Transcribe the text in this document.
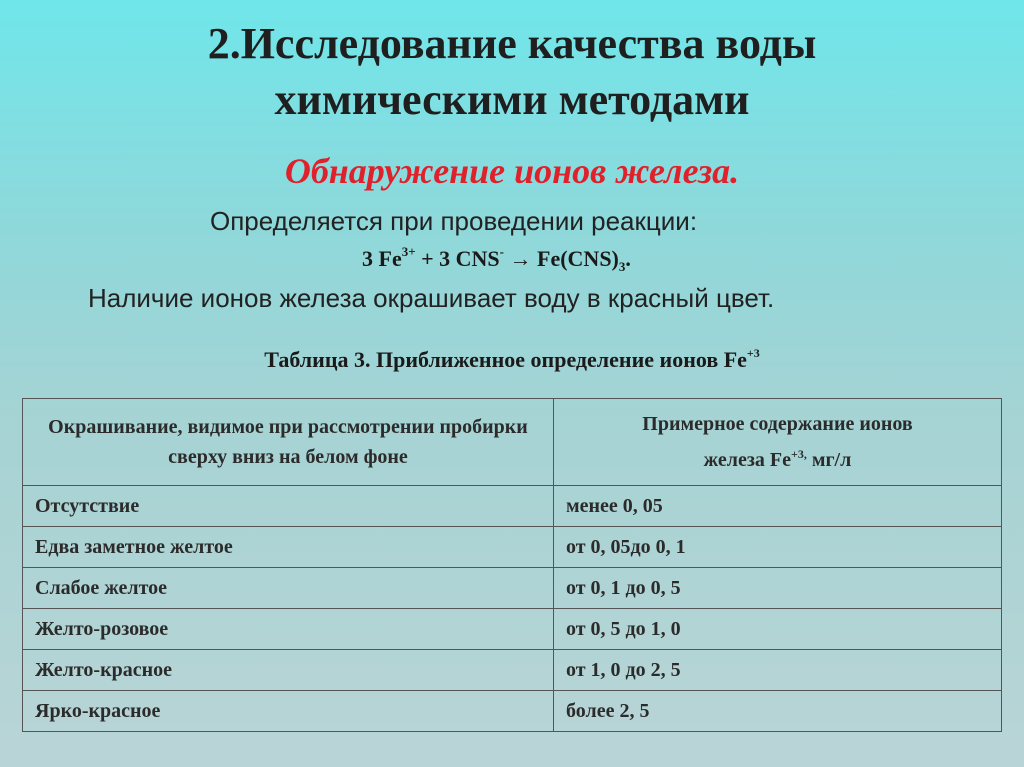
2.Исследование качества воды
химическими методами
Обнаружение ионов железа.
Определяется при проведении реакции:
3 $Fe^{3+} + 3$ $CNS^- \to Fe(CNS)_3$.
Наличие ионов железа окрашивает воду в красный цвет.
Таблица 3. Приближенное определение ионов $Fe^{+3}$
Окрашивание, видимое при рассмотрении пробирки сверху вниз на белом фоне	Примерное содержание ионов
железа $Fe^{+3,}$ мг/л

Отсутствие	менее 0, 05
Едва заметное желтое	от 0, 05до 0, 1
Слабое желтое	от 0, 1 до 0, 5
Желто-розовое	от 0, 5 до 1, 0
Желто-красное	от 1, 0 до 2, 5
Ярко-красное	более 2, 5
